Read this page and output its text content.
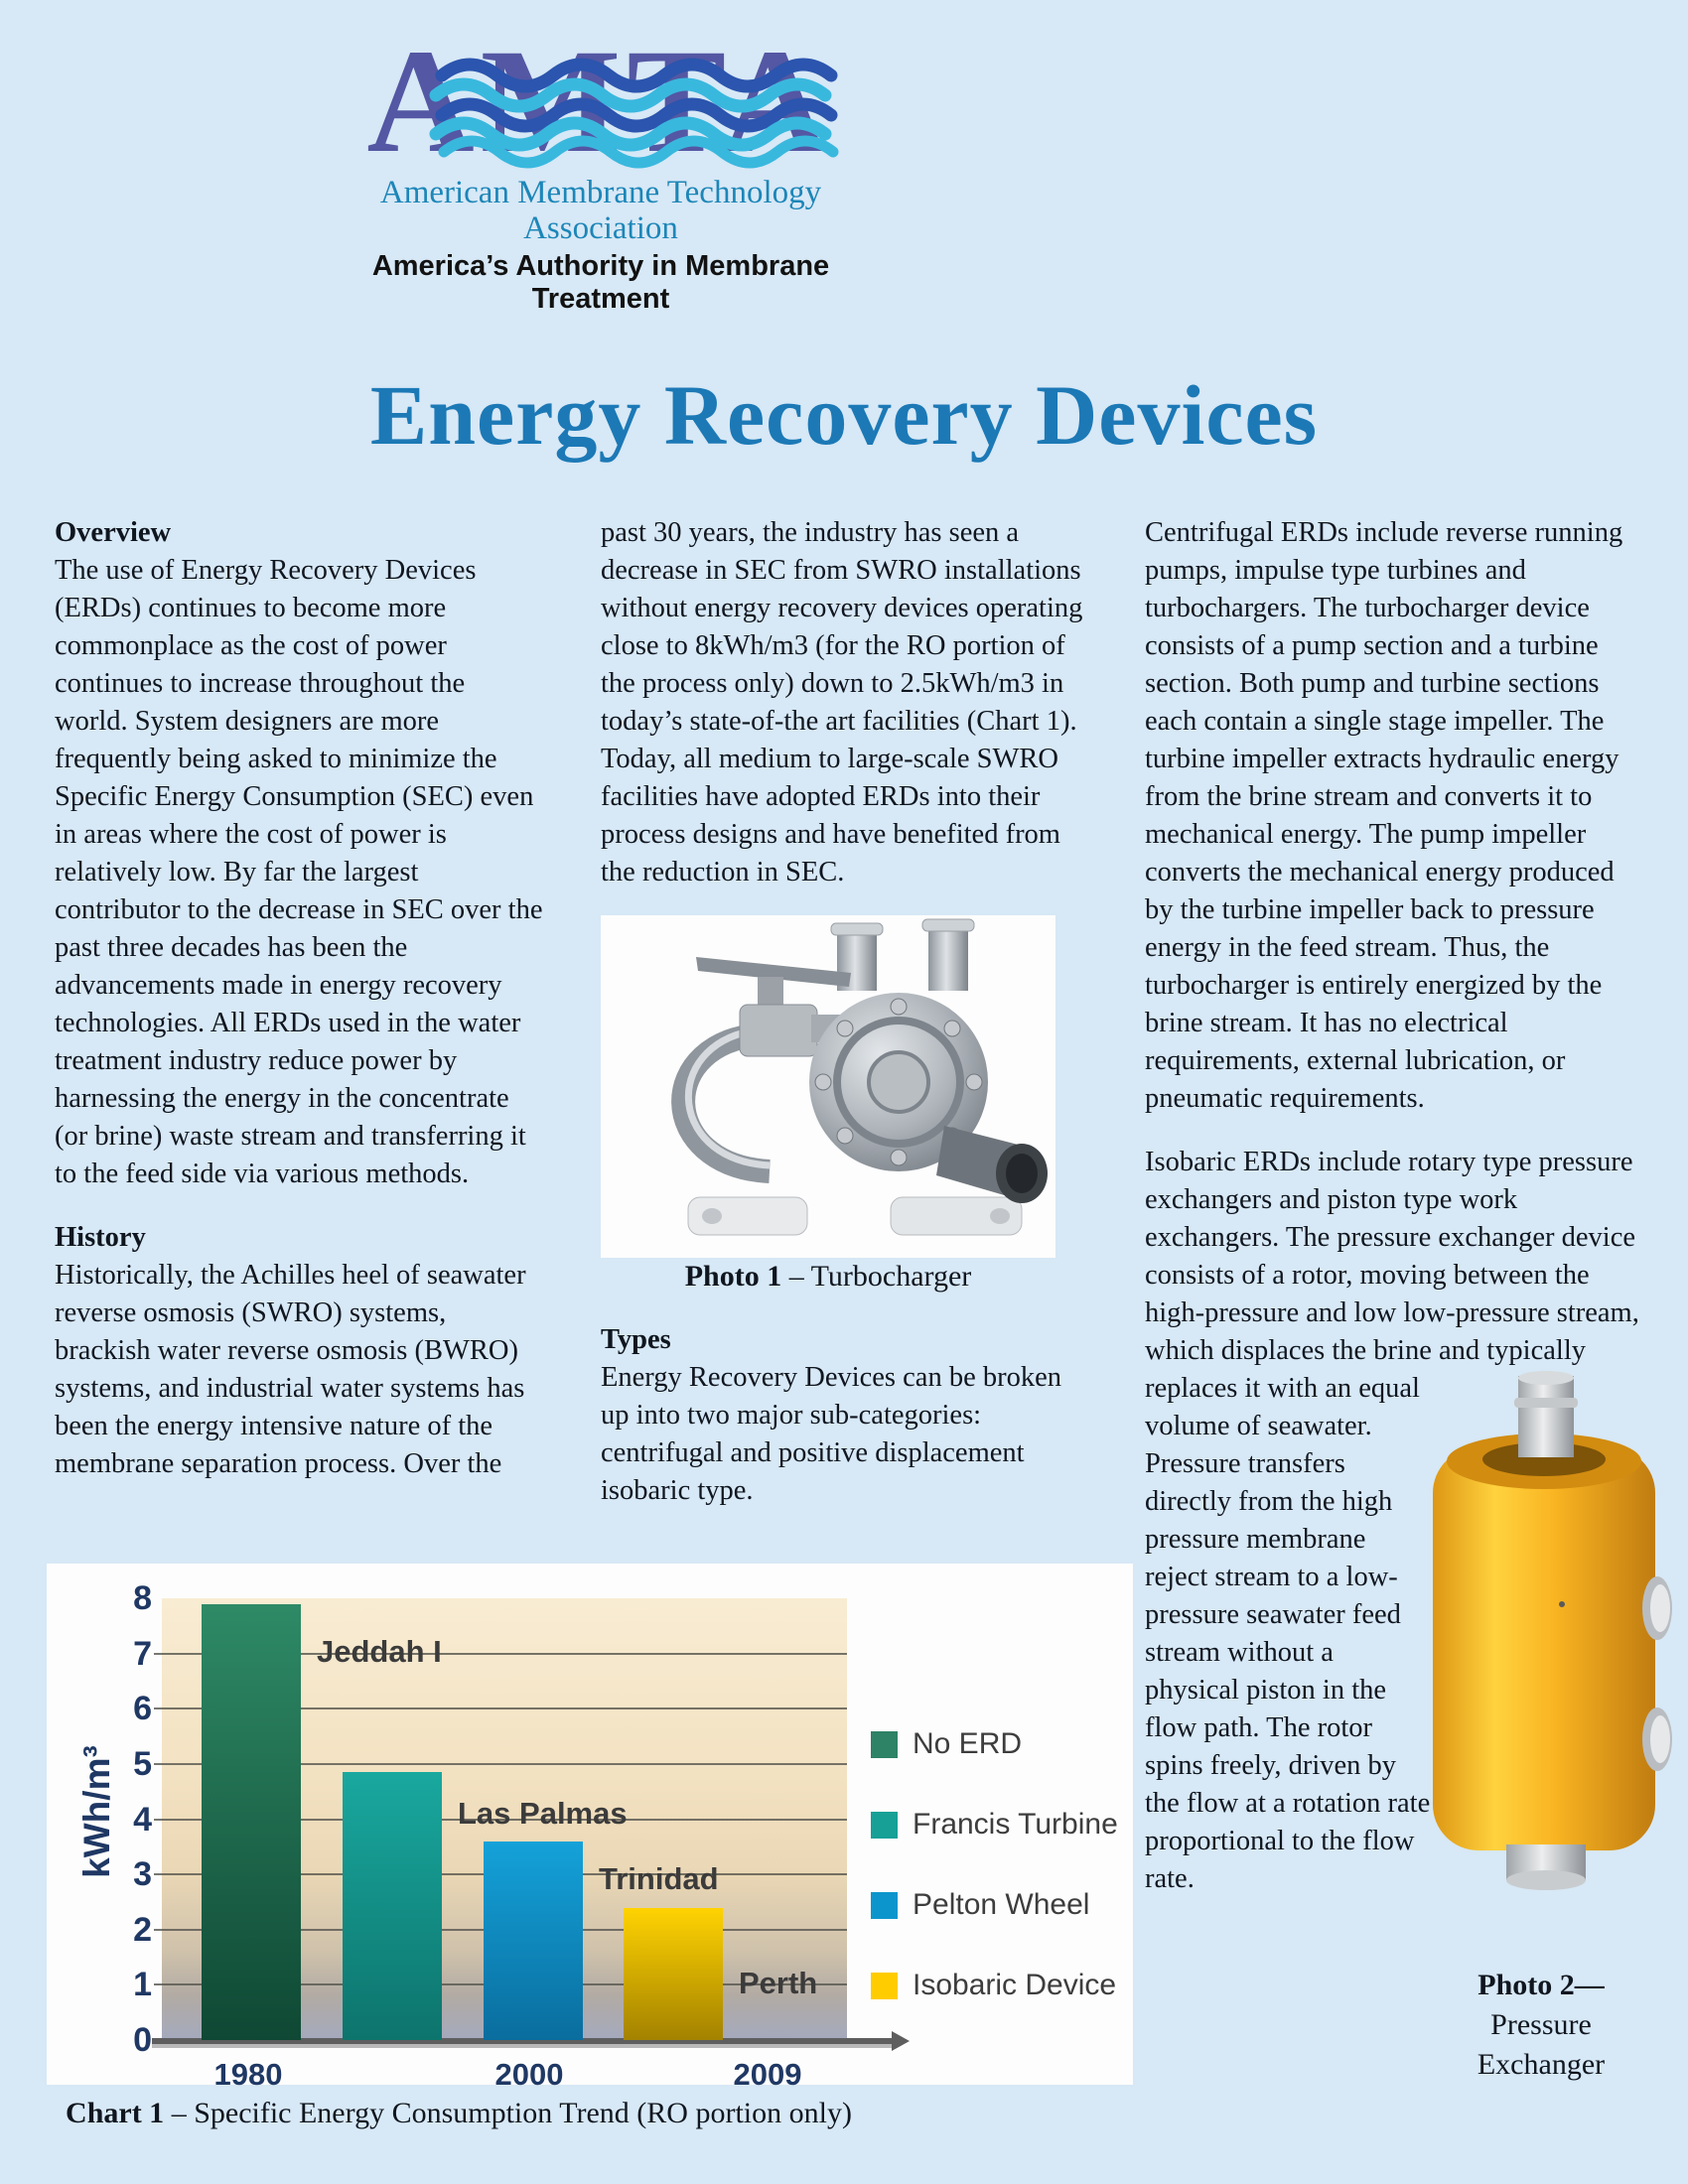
AMTA
American Membrane Technology Association
America’s Authority in Membrane Treatment
Energy Recovery Devices
Overview

The use of Energy Recovery Devices (ERDs) continues to become more commonplace as the cost of power continues to increase throughout the world. System designers are more frequently being asked to minimize the Specific Energy Consumption (SEC) even in areas where the cost of power is relatively low. By far the largest contributor to the decrease in SEC over the past three decades has been the advancements made in energy recovery technologies. All ERDs used in the water treatment industry reduce power by harnessing the energy in the concentrate (or brine) waste stream and transferring it to the feed side via various methods.

History

Historically, the Achilles heel of seawater reverse osmosis (SWRO) systems, brackish water reverse osmosis (BWRO) systems, and industrial water systems has been the energy intensive nature of the membrane separation process. Over the

past 30 years, the industry has seen a decrease in SEC from SWRO installations without energy recovery devices operating close to 8kWh/m3 (for the RO portion of the process only) down to 2.5kWh/m3 in today’s state-of-the art facilities (Chart 1). Today, all medium to large-scale SWRO facilities have adopted ERDs into their process designs and have benefited from the reduction in SEC.

Photo 1 – Turbocharger

Types

Energy Recovery Devices can be broken up into two major sub-categories: centrifugal and positive displacement isobaric type.

Centrifugal ERDs include reverse running pumps, impulse type turbines and turbochargers. The turbocharger device consists of a pump section and a turbine section. Both pump and turbine sections each contain a single stage impeller. The turbine impeller extracts hydraulic energy from the brine stream and converts it to mechanical energy. The pump impeller converts the mechanical energy produced by the turbine impeller back to pressure energy in the feed stream. Thus, the turbocharger is entirely energized by the brine stream. It has no electrical requirements, external lubrication, or pneumatic requirements.

Isobaric ERDs include rotary type pressure exchangers and piston type work exchangers. The pressure exchanger device consists of a rotor, moving between the high-pressure and low low-pressure stream, which displaces the brine and typically

replaces it with an equal volume of seawater. Pressure transfers directly from the high pressure membrane reject stream to a low-pressure seawater feed stream without a physical piston in the flow path. The rotor spins freely, driven by the flow at a rotation rate proportional to the flow rate.

Photo 2—
Pressure
Exchanger
kWh/m³
0
1
2
3
4
5
6
7
8
Jeddah I
Las Palmas
Trinidad
Perth
1980	2000	2009
No ERD
Francis Turbine
Pelton Wheel
Isobaric Device
Chart 1 – Specific Energy Consumption Trend (RO portion only)
